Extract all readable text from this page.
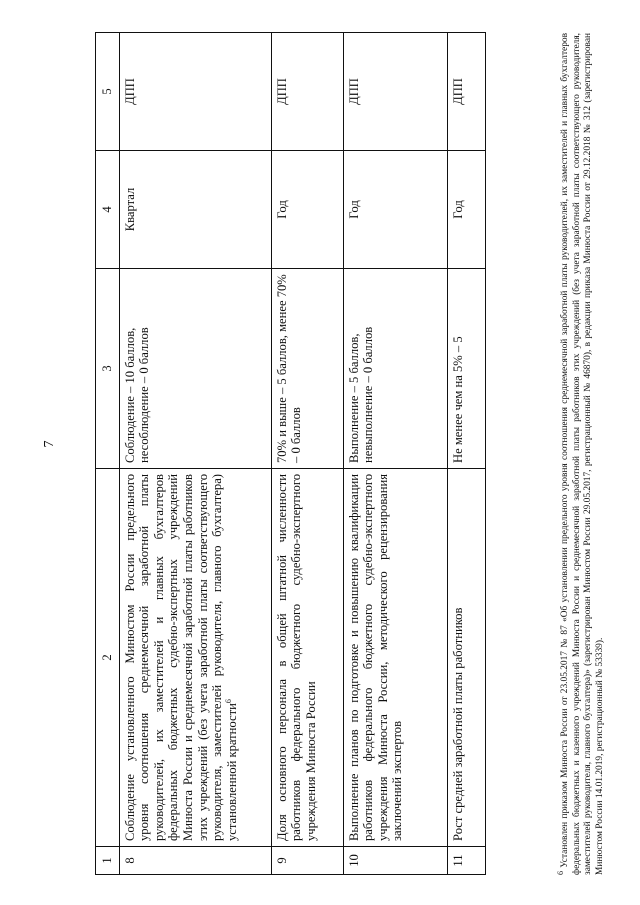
7
1	2	3	4	5
8	Соблюдение установленного Минюстом России предельного уровня соотношения среднемесячной заработной платы руководителей, их заместителей и главных бухгалтеров федеральных бюджетных судебно-экспертных учреждений Минюста России и среднемесячной заработной платы работников этих учреждений (без учета заработной платы соответствующего руководителя, заместителей руководителя, главного бухгалтера) установленной кратности$^6$	Соблюдение – 10 баллов, несоблюдение – 0 баллов	Квартал	ДПП
9	Доля основного персонала в общей штатной численности работников федерального бюджетного судебно-экспертного учреждения Минюста России	70% и выше – 5 баллов, менее 70% – 0 баллов	Год	ДПП
10	Выполнение планов по подготовке и повышению квалификации работников федерального бюджетного судебно-экспертного учреждения Минюста России, методического рецензирования заключений экспертов	Выполнение – 5 баллов, невыполнение – 0 баллов	Год	ДПП
11	Рост средней заработной платы работников	Не менее чем на 5% – 5	Год	ДПП
$^6$ Установлен приказом Минюста России от 23.05.2017 № 87 «Об установлении предельного уровня соотношения среднемесячной заработной платы руководителей, их заместителей и главных бухгалтеров федеральных бюджетных и казенного учреждений Минюста России и среднемесячной заработной платы работников этих учреждений (без учета заработной платы соответствующего руководителя, заместителей руководителя, главного бухгалтера)» (зарегистрирован Минюстом России 29.05.2017, регистрационный № 46870), в редакции приказа Минюста России от 29.12.2018 № 312 (зарегистрирован Минюстом России 14.01.2019, регистрационный № 53339).
